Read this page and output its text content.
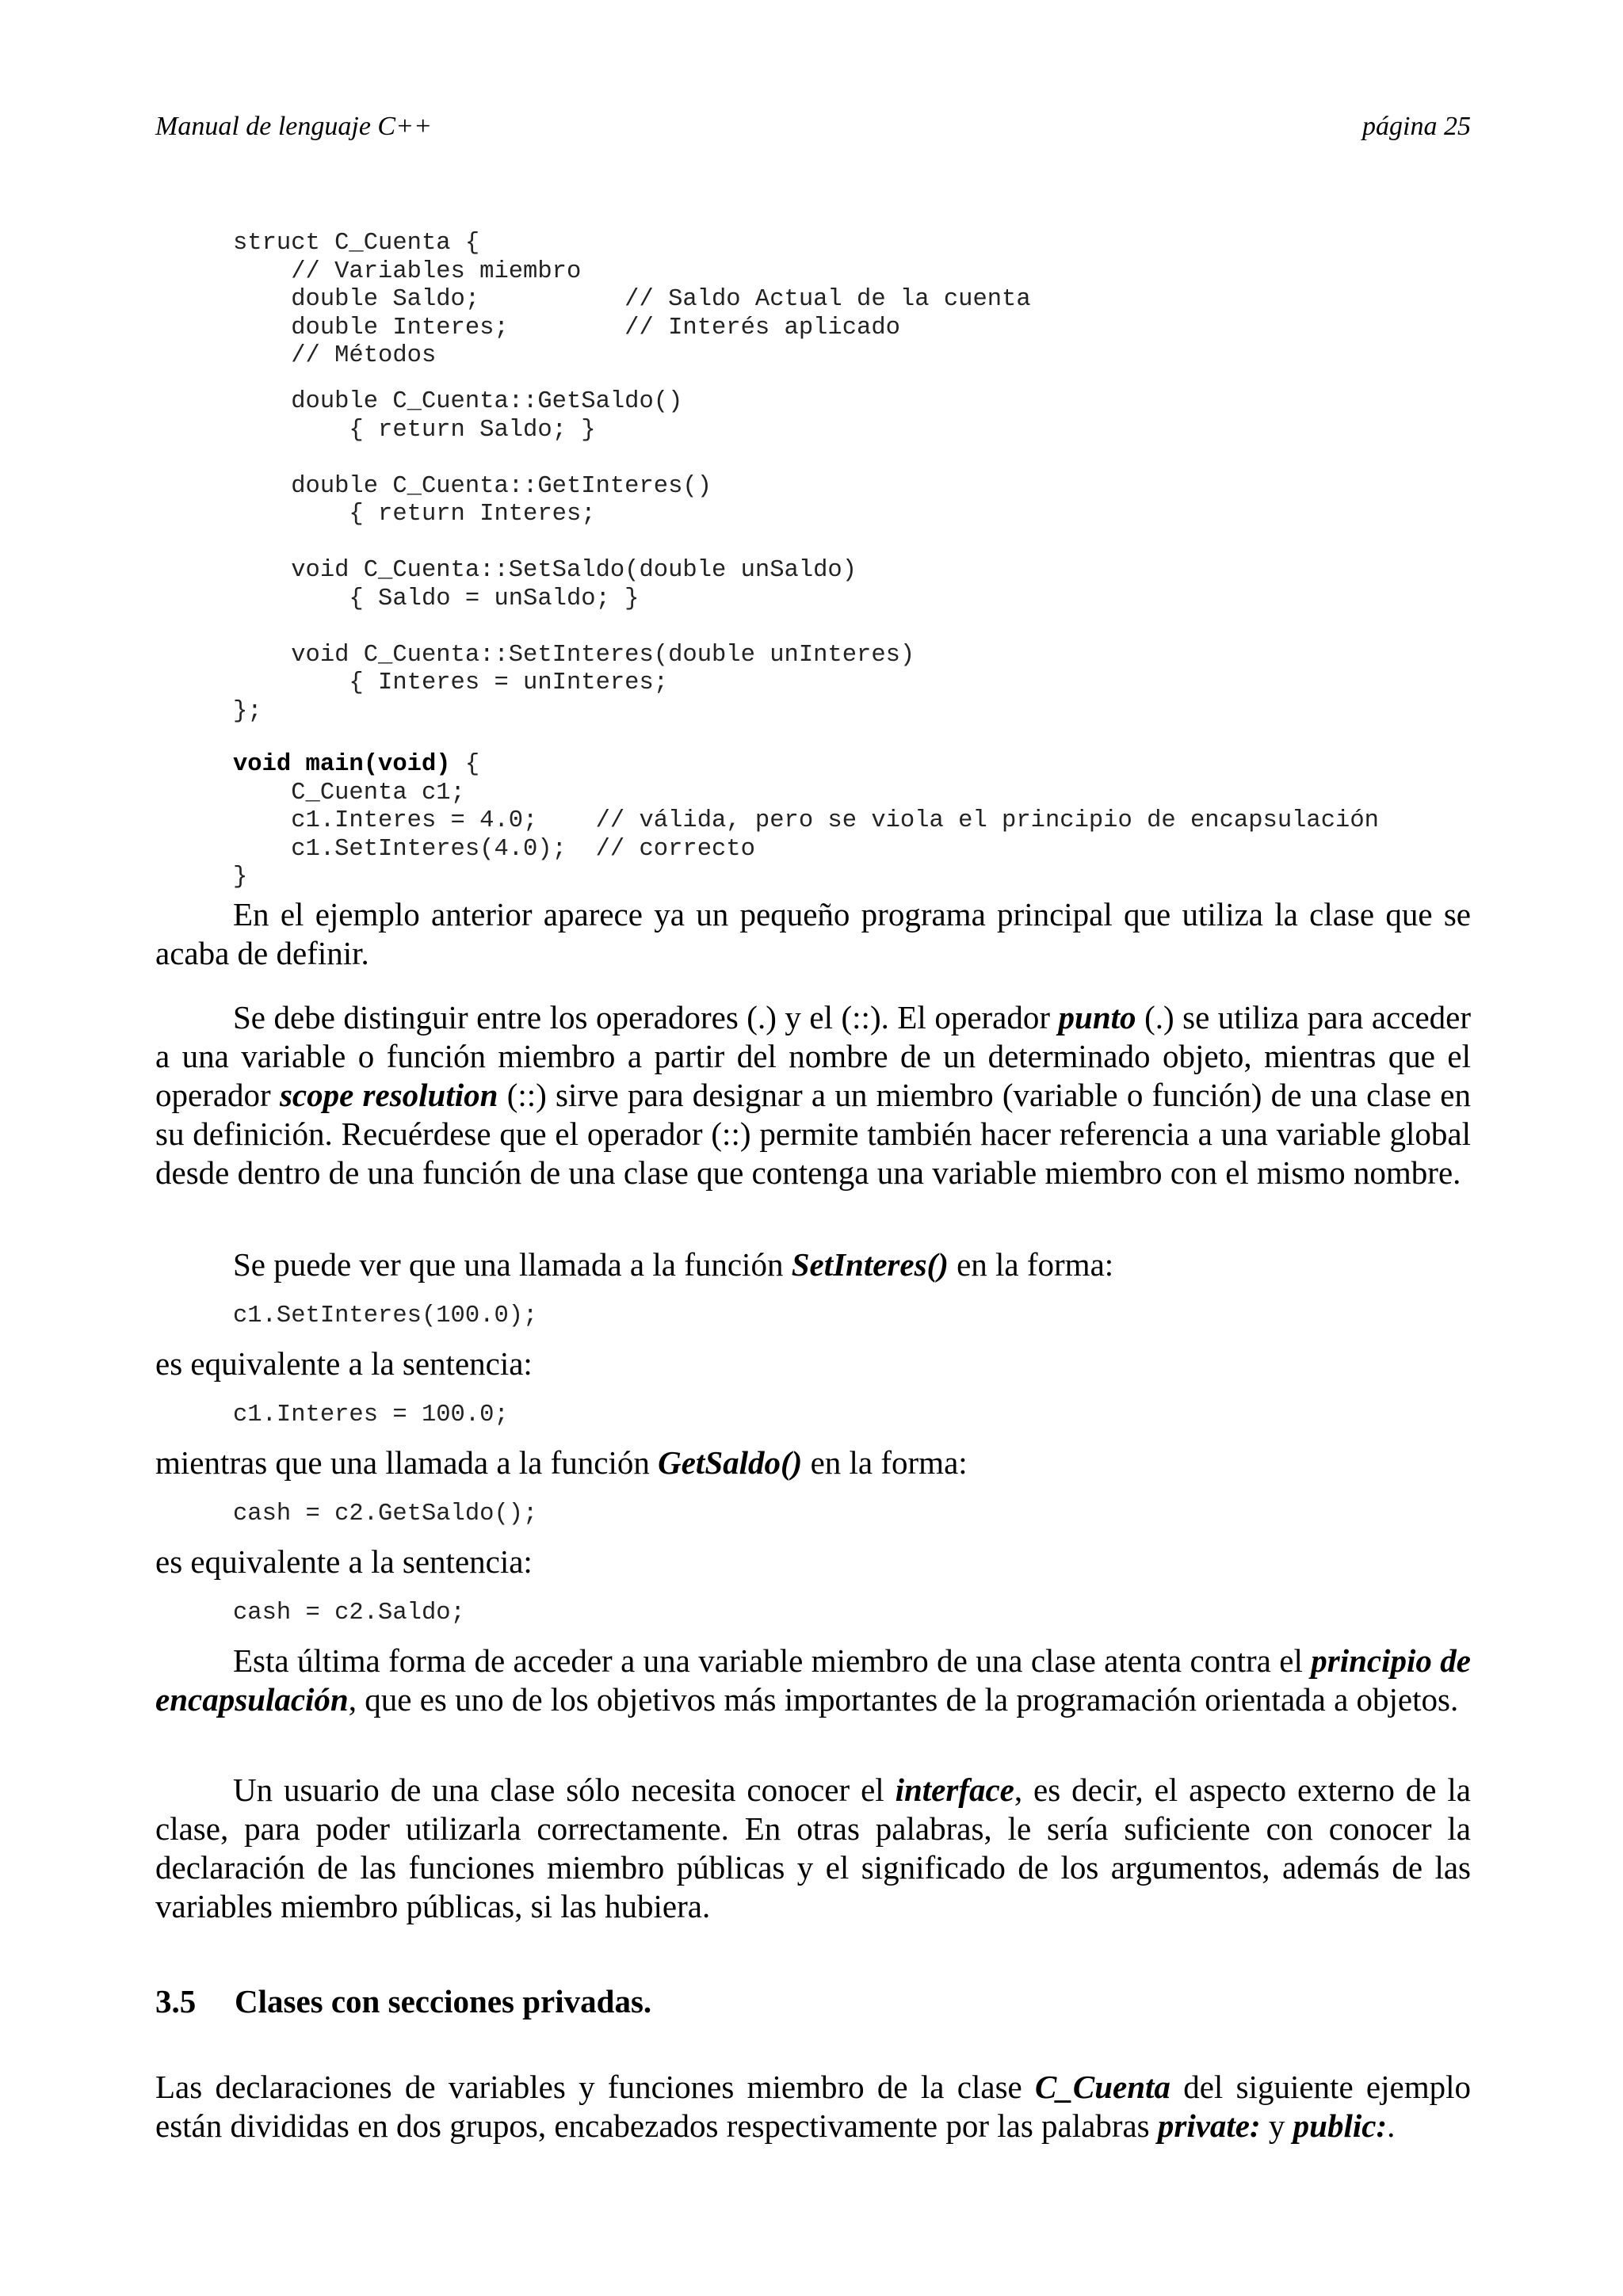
Manual de lenguaje C++	página 25
struct C_Cuenta {
// Variables miembro
double Saldo;          // Saldo Actual de la cuenta
double Interes;        // Interés aplicado
// Métodos

double C_Cuenta::GetSaldo()
{ return Saldo; }

double C_Cuenta::GetInteres()
{ return Interes;

void C_Cuenta::SetSaldo(double unSaldo)
{ Saldo = unSaldo; }

void C_Cuenta::SetInteres(double unInteres)
{ Interes = unInteres;
};
void main(void) {
C_Cuenta c1;
c1.Interes = 4.0;    // válida, pero se viola el principio de encapsulación
c1.SetInteres(4.0);  // correcto
}

En el ejemplo anterior aparece ya un pequeño programa principal que utiliza la clase que se acaba de definir.

Se debe distinguir entre los operadores (.) y el (::). El operador punto (.) se utiliza para acceder a una variable o función miembro a partir del nombre de un determinado objeto, mientras que el operador scope resolution (::) sirve para designar a un miembro (variable o función) de una clase en su definición. Recuérdese que el operador (::) permite también hacer referencia a una variable global desde dentro de una función de una clase que contenga una variable miembro con el mismo nombre.

Se puede ver que una llamada a la función SetInteres() en la forma:

c1.SetInteres(100.0);

es equivalente a la sentencia:

c1.Interes = 100.0;

mientras que una llamada a la función GetSaldo() en la forma:

cash = c2.GetSaldo();

es equivalente a la sentencia:

cash = c2.Saldo;

Esta última forma de acceder a una variable miembro de una clase atenta contra el principio de encapsulación, que es uno de los objetivos más importantes de la programación orientada a objetos.

Un usuario de una clase sólo necesita conocer el interface, es decir, el aspecto externo de la clase, para poder utilizarla correctamente. En otras palabras, le sería suficiente con conocer la declaración de las funciones miembro públicas y el significado de los argumentos, además de las variables miembro públicas, si las hubiera.

3.5 Clases con secciones privadas.

Las declaraciones de variables y funciones miembro de la clase C_Cuenta del siguiente ejemplo están divididas en dos grupos, encabezados respectivamente por las palabras private: y public:.
